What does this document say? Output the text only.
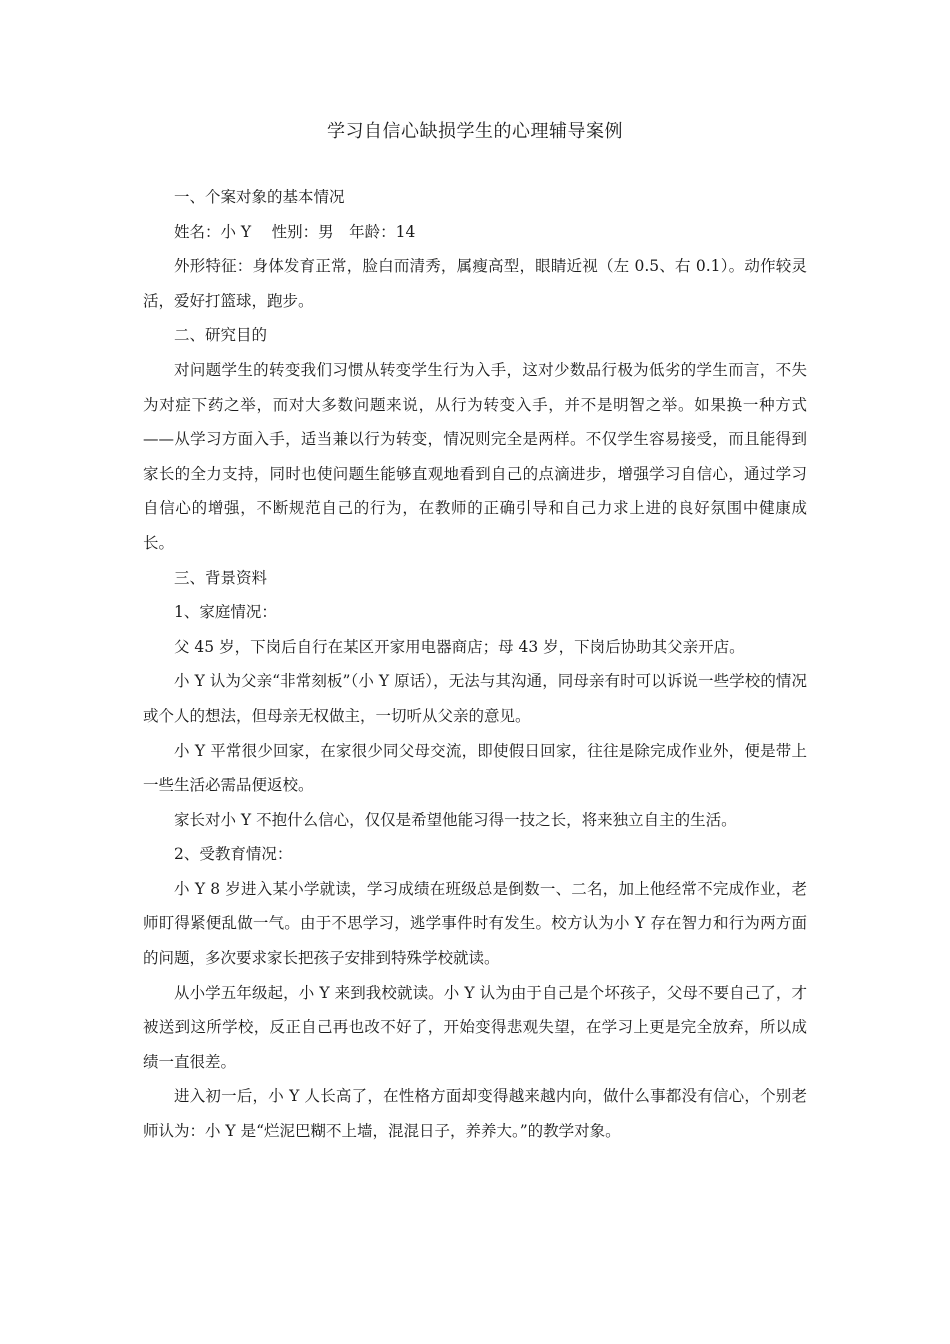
学习自信心缺损学生的心理辅导案例

一、个案对象的基本情况

姓名：小 Y　 性别：男　年龄：14

外形特征：身体发育正常，脸白而清秀，属瘦高型，眼睛近视（左 0.5、右 0.1）。动作较灵活，爱好打篮球，跑步。

二、研究目的

对问题学生的转变我们习惯从转变学生行为入手，这对少数品行极为低劣的学生而言，不失为对症下药之举，而对大多数问题来说，从行为转变入手，并不是明智之举。如果换一种方式——从学习方面入手，适当兼以行为转变，情况则完全是两样。不仅学生容易接受，而且能得到家长的全力支持，同时也使问题生能够直观地看到自己的点滴进步，增强学习自信心，通过学习自信心的增强，不断规范自己的行为，在教师的正确引导和自己力求上进的良好氛围中健康成长。

三、背景资料

1、家庭情况：

父 45 岁，下岗后自行在某区开家用电器商店；母 43 岁，下岗后协助其父亲开店。

小 Y 认为父亲“非常刻板”（小 Y 原话），无法与其沟通，同母亲有时可以诉说一些学校的情况或个人的想法，但母亲无权做主，一切听从父亲的意见。

小 Y 平常很少回家，在家很少同父母交流，即使假日回家，往往是除完成作业外，便是带上一些生活必需品便返校。

家长对小 Y 不抱什么信心，仅仅是希望他能习得一技之长，将来独立自主的生活。

2、受教育情况：

小 Y 8 岁进入某小学就读，学习成绩在班级总是倒数一、二名，加上他经常不完成作业，老师盯得紧便乱做一气。由于不思学习，逃学事件时有发生。校方认为小 Y 存在智力和行为两方面的问题，多次要求家长把孩子安排到特殊学校就读。

从小学五年级起，小 Y 来到我校就读。小 Y 认为由于自己是个坏孩子，父母不要自己了，才被送到这所学校，反正自己再也改不好了，开始变得悲观失望，在学习上更是完全放弃，所以成绩一直很差。

进入初一后，小 Y 人长高了，在性格方面却变得越来越内向，做什么事都没有信心，个别老师认为：小 Y 是“烂泥巴糊不上墙，混混日子，养养大。”的教学对象。
